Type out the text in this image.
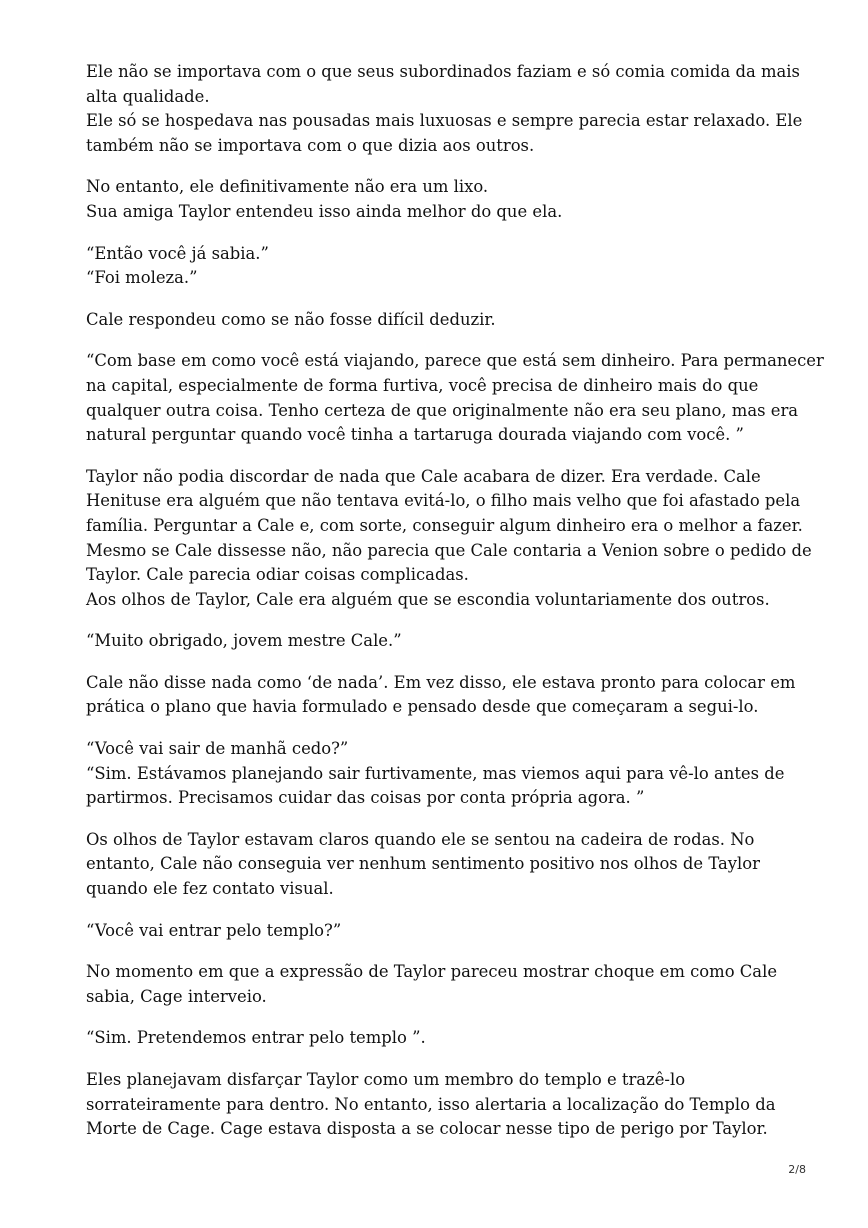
Ele não se importava com o que seus subordinados faziam e só comia comida da mais
alta qualidade.
Ele só se hospedava nas pousadas mais luxuosas e sempre parecia estar relaxado. Ele
também não se importava com o que dizia aos outros.

No entanto, ele definitivamente não era um lixo.
Sua amiga Taylor entendeu isso ainda melhor do que ela.

“Então você já sabia.”
“Foi moleza.”

Cale respondeu como se não fosse difícil deduzir.

“Com base em como você está viajando, parece que está sem dinheiro. Para permanecer
na capital, especialmente de forma furtiva, você precisa de dinheiro mais do que
qualquer outra coisa. Tenho certeza de que originalmente não era seu plano, mas era
natural perguntar quando você tinha a tartaruga dourada viajando com você. ”

Taylor não podia discordar de nada que Cale acabara de dizer. Era verdade. Cale
Henituse era alguém que não tentava evitá-lo, o filho mais velho que foi afastado pela
família. Perguntar a Cale e, com sorte, conseguir algum dinheiro era o melhor a fazer.
Mesmo se Cale dissesse não, não parecia que Cale contaria a Venion sobre o pedido de
Taylor. Cale parecia odiar coisas complicadas.
Aos olhos de Taylor, Cale era alguém que se escondia voluntariamente dos outros.

“Muito obrigado, jovem mestre Cale.”

Cale não disse nada como ‘de nada’. Em vez disso, ele estava pronto para colocar em
prática o plano que havia formulado e pensado desde que começaram a segui-lo.

“Você vai sair de manhã cedo?”
“Sim. Estávamos planejando sair furtivamente, mas viemos aqui para vê-lo antes de
partirmos. Precisamos cuidar das coisas por conta própria agora. ”

Os olhos de Taylor estavam claros quando ele se sentou na cadeira de rodas. No
entanto, Cale não conseguia ver nenhum sentimento positivo nos olhos de Taylor
quando ele fez contato visual.

“Você vai entrar pelo templo?”

No momento em que a expressão de Taylor pareceu mostrar choque em como Cale
sabia, Cage interveio.

“Sim. Pretendemos entrar pelo templo ”.

Eles planejavam disfarçar Taylor como um membro do templo e trazê-lo
sorrateiramente para dentro. No entanto, isso alertaria a localização do Templo da
Morte de Cage. Cage estava disposta a se colocar nesse tipo de perigo por Taylor.

2/8
